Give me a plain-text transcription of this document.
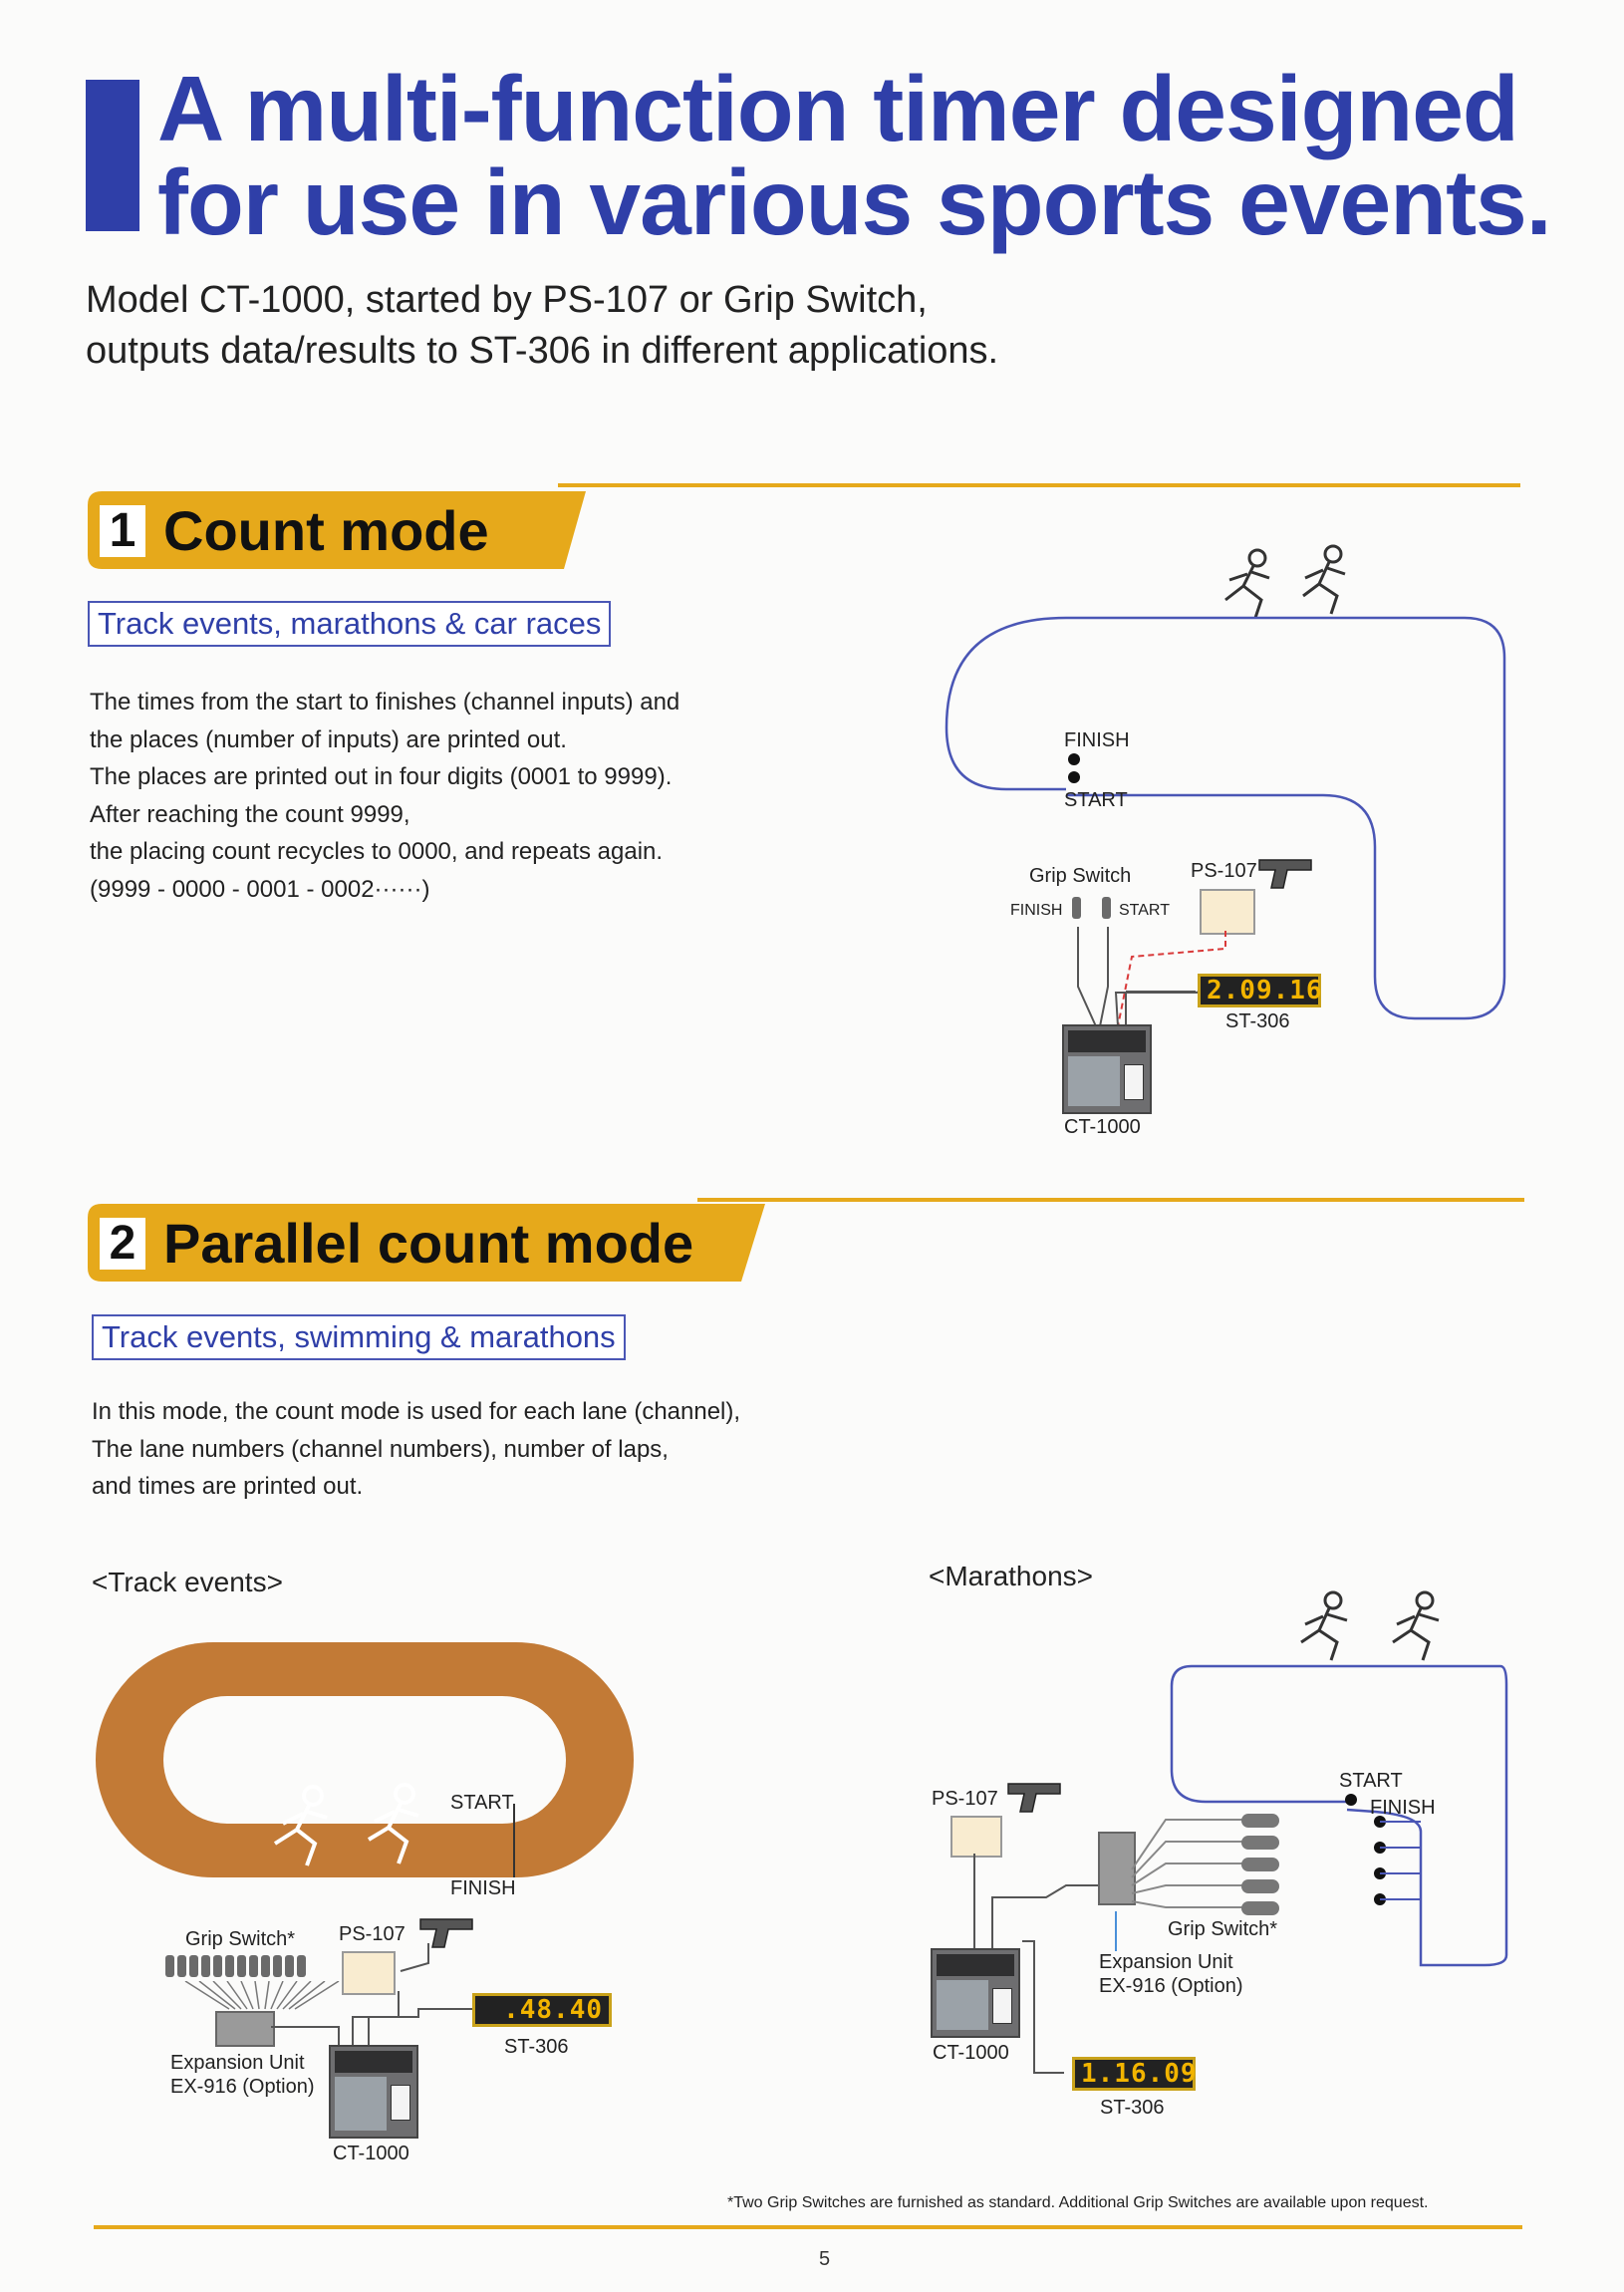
A multi-function timer designed
for use in various sports events.
Model CT-1000, started by PS-107 or Grip Switch,
outputs data/results to ST-306 in different applications.
1 Count mode
Track events, marathons & car races
The times from the start to finishes (channel inputs) and
the places (number of inputs) are printed out.
The places are printed out in four digits (0001 to 9999).
After reaching the count 9999,
the placing count recycles to 0000, and repeats again.
(9999 - 0000 - 0001 - 0002······)
FINISH
START
Grip Switch
FINISH	START
PS-107
2.09.16
ST-306
CT-1000
2 Parallel count mode
Track events, swimming & marathons
In this mode, the count mode is used for each lane (channel),
The lane numbers (channel numbers), number of laps,
and times are printed out.
<Track events>
START
FINISH
Grip Switch*
Expansion Unit
EX-916 (Option)
PS-107
.48.40
ST-306
CT-1000
<Marathons>
START
FINISH
PS-107
Grip Switch*
Expansion Unit
EX-916 (Option)
CT-1000
1.16.09
ST-306
*Two Grip Switches are furnished as standard. Additional Grip Switches are available upon request.
5
